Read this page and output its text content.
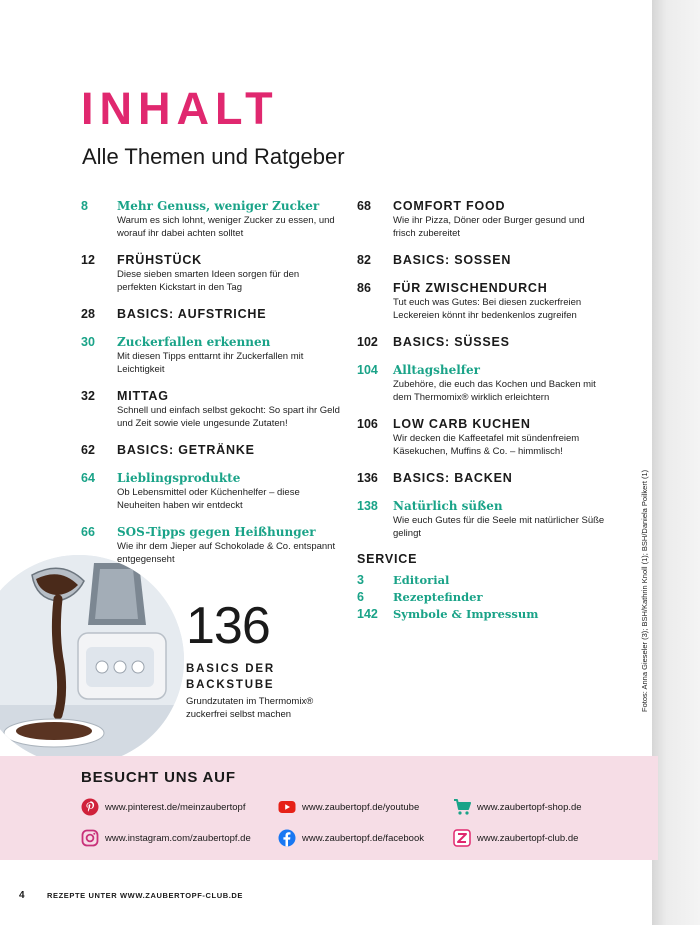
INHALT
Alle Themen und Ratgeber
8 Mehr Genuss, weniger Zucker
Warum es sich lohnt, weniger Zucker zu essen, und worauf ihr dabei achten solltet
12 FRÜHSTÜCK
Diese sieben smarten Ideen sorgen für den perfekten Kickstart in den Tag
28 BASICS: AUFSTRICHE
30 Zuckerfallen erkennen
Mit diesen Tipps enttarnt ihr Zuckerfallen mit Leichtigkeit
32 MITTAG
Schnell und einfach selbst gekocht: So spart ihr Geld und Zeit sowie viele ungesunde Zutaten!
62 BASICS: GETRÄNKE
64 Lieblingsprodukte
Ob Lebensmittel oder Küchenhelfer – diese Neuheiten haben wir entdeckt
66 SOS-Tipps gegen Heißhunger
Wie ihr dem Jieper auf Schokolade & Co. entspannt entgegenseht
68 COMFORT FOOD
Wie ihr Pizza, Döner oder Burger gesund und frisch zubereitet
82 BASICS: SOSSEN
86 FÜR ZWISCHENDURCH
Tut euch was Gutes: Bei diesen zuckerfreien Leckereien könnt ihr bedenkenlos zugreifen
102 BASICS: SÜSSES
104 Alltagshelfer
Zubehöre, die euch das Kochen und Backen mit dem Thermomix® wirklich erleichtern
106 LOW CARB KUCHEN
Wir decken die Kaffeetafel mit sündenfreiem Käsekuchen, Muffins & Co. – himmlisch!
136 BASICS: BACKEN
138 Natürlich süßen
Wie euch Gutes für die Seele mit natürlicher Süße gelingt
SERVICE
3	Editorial
6	Rezeptefinder
142 Symbole & Impressum
136
BASICS DER
BACKSTUBE
Grundzutaten im Thermomix® zuckerfrei selbst machen
Fotos: Anna Gieseler (3); BSH/Kathrin Knoll (1); BSH/Daniela Poilkert (1)
BESUCHT UNS AUF
www.pinterest.de/meinzaubertopf	www.zaubertopf.de/youtube	www.zaubertopf-shop.de
www.instagram.com/zaubertopf.de	www.zaubertopf.de/facebook	www.zaubertopf-club.de
4	REZEPTE UNTER WWW.ZAUBERTOPF-CLUB.DE
